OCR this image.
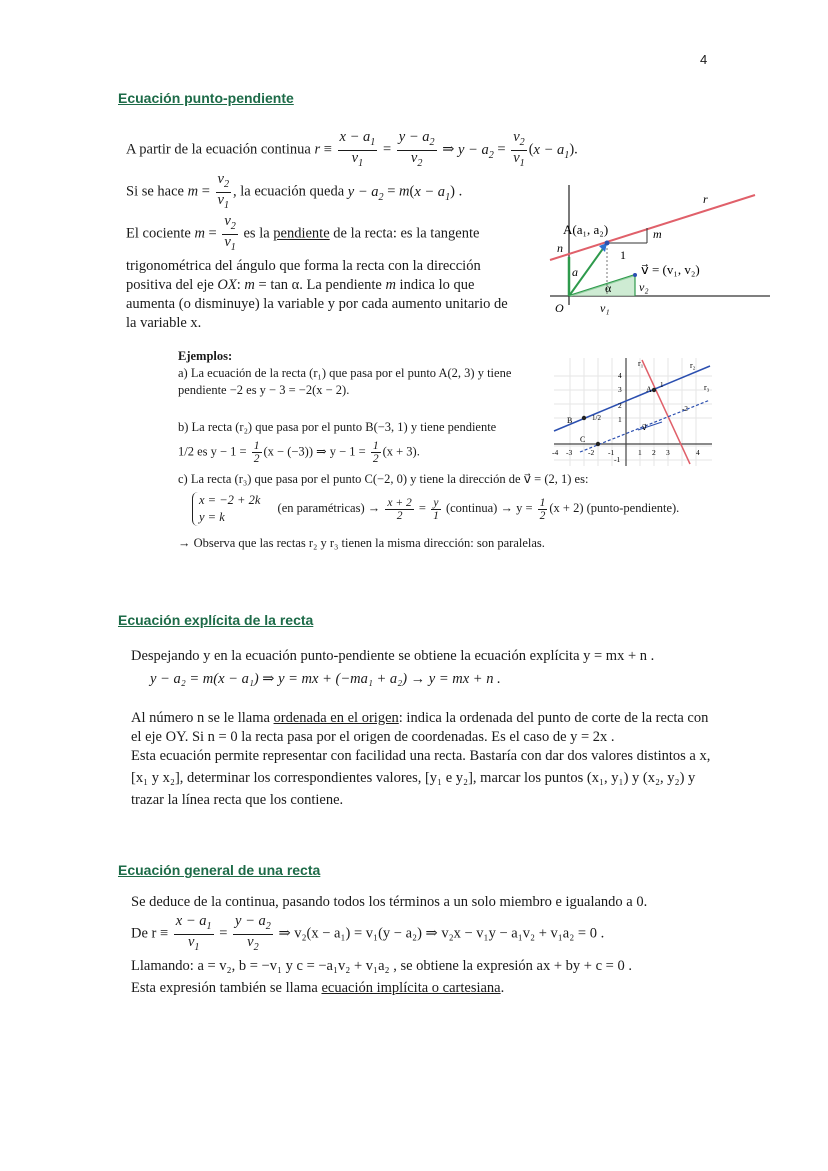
4
Ecuación punto-pendiente
A partir de la ecuación continua $r \equiv \frac{x - a_1}{v_1} = \frac{y - a_2}{v_2}$ ⇒ $y - a_2 = \frac{v_2}{v_1} (x - a_1)$.
Si se hace $m = \frac{v_2}{v_1}$ , la ecuación queda $y - a_2 = m(x - a_1)$ .
El cociente $m = \frac{v_2}{v_1}$ es la pendiente de la recta: es la tangente
trigonométrica del ángulo que forma la recta con la dirección
positiva del eje OX: m = tan α. La pendiente m indica lo que
aumenta (o disminuye) la variable y por cada aumento unitario de
la variable x.
r
A(a₁, a₂)	m
n	1
a⃗	v⃗ = (v₁, v₂)
α v₂
O	v₁
Ejemplos:
a) La ecuación de la recta (r₁) que pasa por el punto A(2, 3) y tiene
pendiente −2 es y − 3 = −2(x − 2).
b) La recta (r₂) que pasa por el punto B(−3, 1) y tiene pendiente
1/2 es $y - 1 = \frac{1}{2} (x - (-3))$ ⇒ $y - 1 = \frac{1}{2} (x + 3)$.
c) La recta (r₃) que pasa por el punto C(−2, 0) y tiene la dirección de v⃗ = (2, 1) es:
x = −2 + 2k
y = k
(en paramétricas) → $\frac{x + 2}{2} = \frac{y}{1}$ (continua) → $y = \frac{1}{2} (x + 2)$ (punto-pendiente).
→ Observa que las rectas r₂ y r₃ tienen la misma dirección: son paralelas.
r₁	r₂
r₃
A
B
C
v⃗
1/2
1
-2
-4 -3 -2 -1	1 2 3	4
4
3
2
1
-1
Ecuación explícita de la recta
Despejando y en la ecuación punto-pendiente se obtiene la ecuación explícita y = mx + n .
y − a₂ = m(x − a₁) ⇒ y = mx + (−ma₁ + a₂) → y = mx + n .
Al número n se le llama ordenada en el origen: indica la ordenada del punto de corte de la recta con
el eje OY. Si n = 0 la recta pasa por el origen de coordenadas. Es el caso de y = 2x .
Esta ecuación permite representar con facilidad una recta. Bastaría con dar dos valores distintos a x,
[x₁ y x₂], determinar los correspondientes valores, [y₁ e y₂], marcar los puntos (x₁, y₁) y (x₂, y₂) y
trazar la línea recta que los contiene.
Ecuación general de una recta
Se deduce de la continua, pasando todos los términos a un solo miembro e igualando a 0.
De $r \equiv \frac{x - a_1}{v_1} = \frac{y - a_2}{v_2}$ ⇒ v₂(x − a₁) = v₁(y − a₂) ⇒ v₂x − v₁y − a₁v₂ + v₁a₂ = 0 .
Llamando: a = v₂, b = −v₁ y c = −a₁v₂ + v₁a₂ , se obtiene la expresión ax + by + c = 0 .
Esta expresión también se llama ecuación implícita o cartesiana.
